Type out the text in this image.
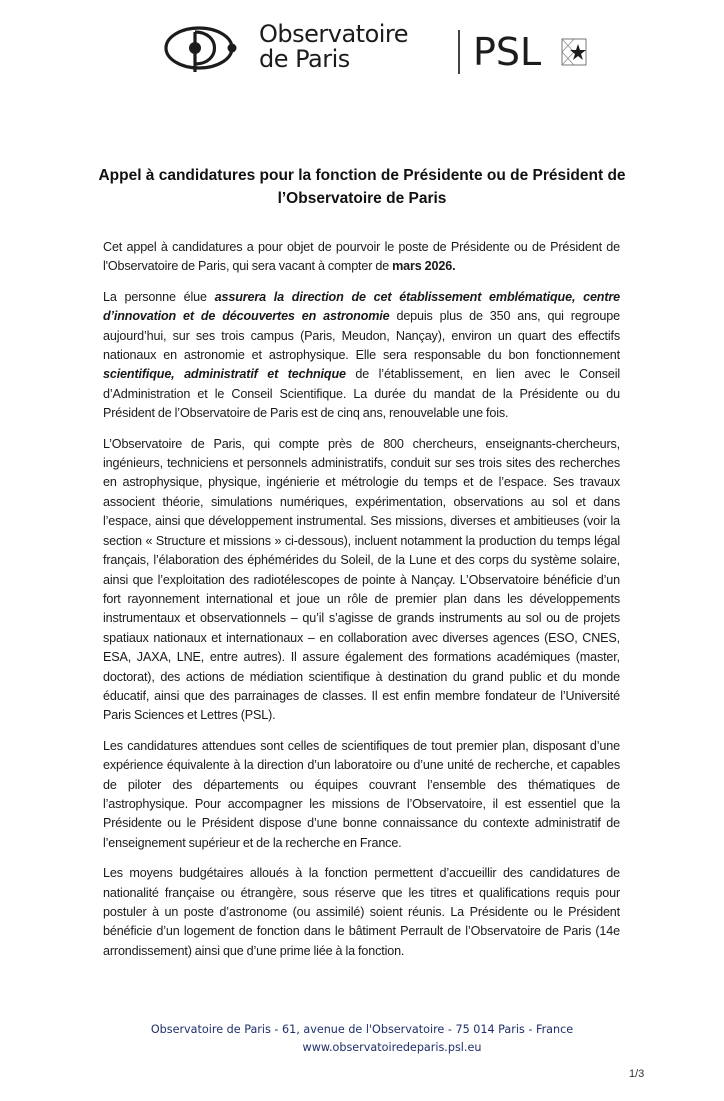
Observatoire
de Paris	PSL
Appel à candidatures pour la fonction de Présidente ou de Président de
l’Observatoire de Paris

Cet appel à candidatures a pour objet de pourvoir le poste de Présidente ou de Président de l'Observatoire de Paris, qui sera vacant à compter de mars 2026.

La personne élue assurera la direction de cet établissement emblématique, centre d’innovation et de découvertes en astronomie depuis plus de 350 ans, qui regroupe aujourd’hui, sur ses trois campus (Paris, Meudon, Nançay), environ un quart des effectifs nationaux en astronomie et astrophysique. Elle sera responsable du bon fonctionnement scientifique, administratif et technique de l’établissement, en lien avec le Conseil d’Administration et le Conseil Scientifique. La durée du mandat de la Présidente ou du Président de l’Observatoire de Paris est de cinq ans, renouvelable une fois.

L’Observatoire de Paris, qui compte près de 800 chercheurs, enseignants-chercheurs, ingénieurs, techniciens et personnels administratifs, conduit sur ses trois sites des recherches en astrophysique, physique, ingénierie et métrologie du temps et de l’espace. Ses travaux associent théorie, simulations numériques, expérimentation, observations au sol et dans l’espace, ainsi que développement instrumental. Ses missions, diverses et ambitieuses (voir la section « Structure et missions » ci-dessous), incluent notamment la production du temps légal français, l’élaboration des éphémérides du Soleil, de la Lune et des corps du système solaire, ainsi que l’exploitation des radiotélescopes de pointe à Nançay. L’Observatoire bénéficie d’un fort rayonnement international et joue un rôle de premier plan dans les développements instrumentaux et observationnels – qu’il s’agisse de grands instruments au sol ou de projets spatiaux nationaux et internationaux – en collaboration avec diverses agences (ESO, CNES, ESA, JAXA, LNE, entre autres). Il assure également des formations académiques (master, doctorat), des actions de médiation scientifique à destination du grand public et du monde éducatif, ainsi que des parrainages de classes. Il est enfin membre fondateur de l’Université Paris Sciences et Lettres (PSL).

Les candidatures attendues sont celles de scientifiques de tout premier plan, disposant d’une expérience équivalente à la direction d’un laboratoire ou d’une unité de recherche, et capables de piloter des départements ou équipes couvrant l’ensemble des thématiques de l’astrophysique. Pour accompagner les missions de l’Observatoire, il est essentiel que la Présidente ou le Président dispose d’une bonne connaissance du contexte administratif de l’enseignement supérieur et de la recherche en France.

Les moyens budgétaires alloués à la fonction permettent d’accueillir des candidatures de nationalité française ou étrangère, sous réserve que les titres et qualifications requis pour postuler à un poste d’astronome (ou assimilé) soient réunis. La Présidente ou le Président bénéficie d’un logement de fonction dans le bâtiment Perrault de l’Observatoire de Paris (14e arrondissement) ainsi que d’une prime liée à la fonction.

Observatoire de Paris - 61, avenue de l'Observatoire - 75 014 Paris - France
www.observatoiredeparis.psl.eu
1/3
